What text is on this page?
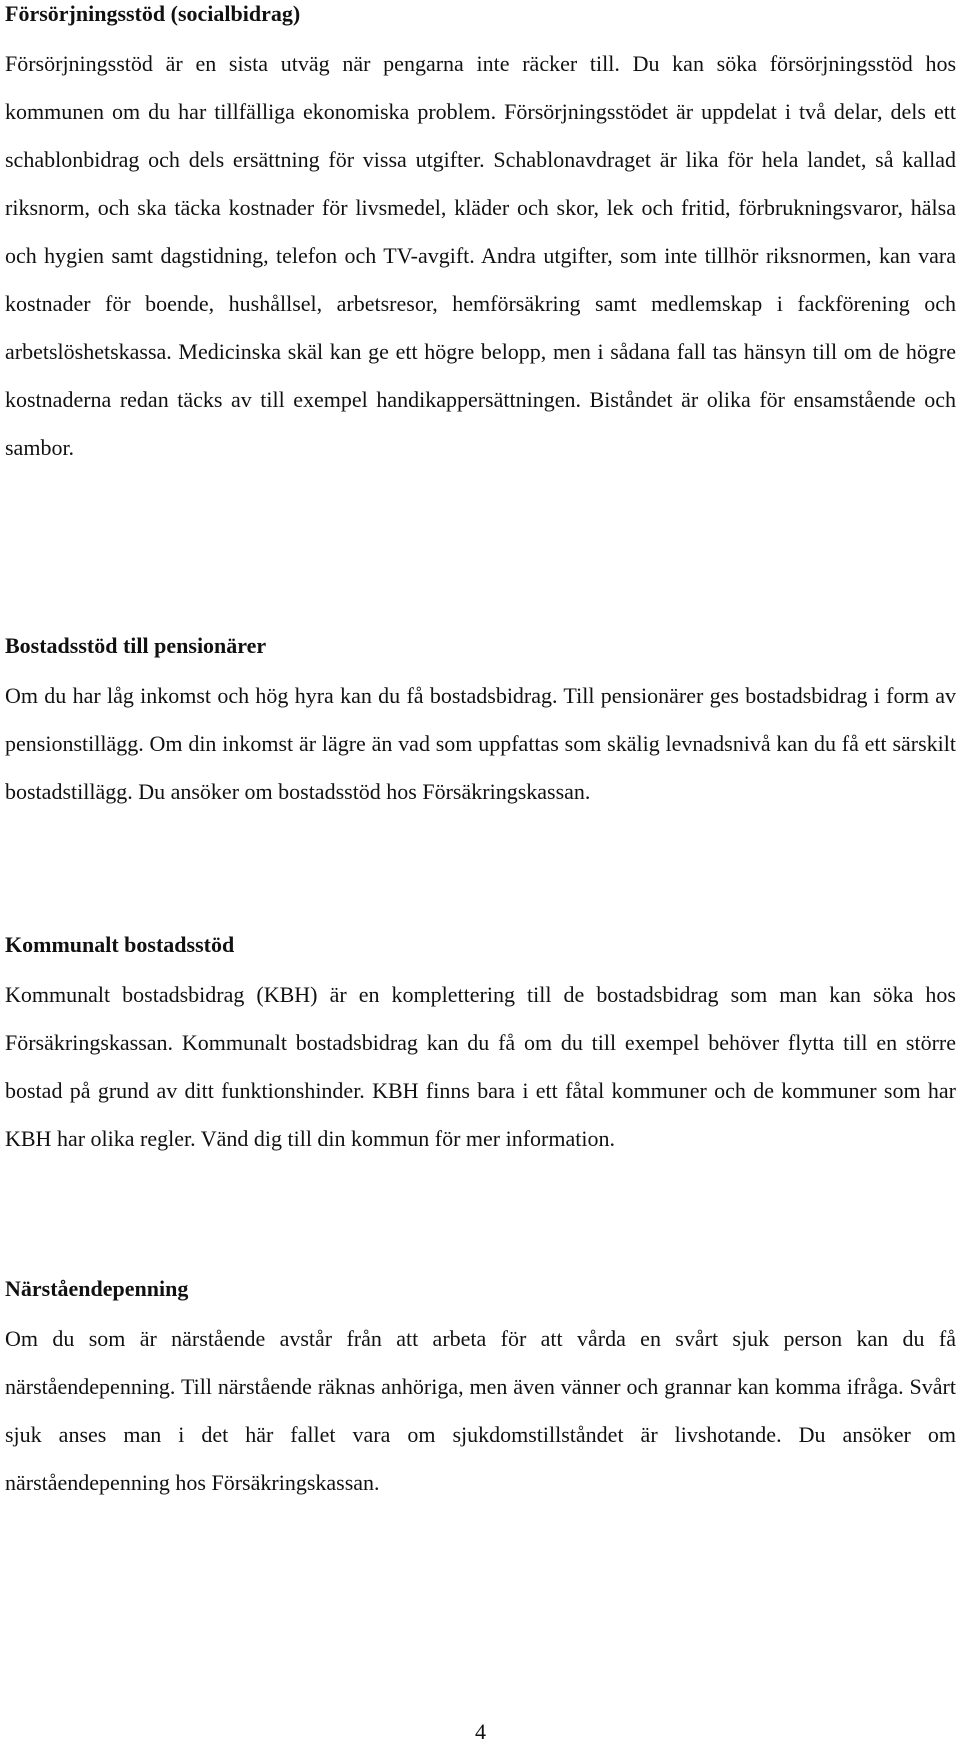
Försörjningsstöd (socialbidrag)

Försörjningsstöd är en sista utväg när pengarna inte räcker till. Du kan söka försörjningsstöd hos kommunen om du har tillfälliga ekonomiska problem. Försörjningsstödet är uppdelat i två delar, dels ett schablonbidrag och dels ersättning för vissa utgifter. Schablonavdraget är lika för hela landet, så kallad riksnorm, och ska täcka kostnader för livsmedel, kläder och skor, lek och fritid, förbrukningsvaror, hälsa och hygien samt dagstidning, telefon och TV-avgift. Andra utgifter, som inte tillhör riksnormen, kan vara kostnader för boende, hushållsel, arbetsresor, hemförsäkring samt medlemskap i fackförening och arbetslöshetskassa. Medicinska skäl kan ge ett högre belopp, men i sådana fall tas hänsyn till om de högre kostnaderna redan täcks av till exempel handikappersättningen. Biståndet är olika för ensamstående och sambor.

Bostadsstöd till pensionärer

Om du har låg inkomst och hög hyra kan du få bostadsbidrag. Till pensionärer ges bostadsbidrag i form av pensionstillägg. Om din inkomst är lägre än vad som uppfattas som skälig levnadsnivå kan du få ett särskilt bostadstillägg. Du ansöker om bostadsstöd hos Försäkringskassan.

Kommunalt bostadsstöd

Kommunalt bostadsbidrag (KBH) är en komplettering till de bostadsbidrag som man kan söka hos Försäkringskassan. Kommunalt bostadsbidrag kan du få om du till exempel behöver flytta till en större bostad på grund av ditt funktionshinder. KBH finns bara i ett fåtal kommuner och de kommuner som har KBH har olika regler. Vänd dig till din kommun för mer information.

Närståendepenning

Om du som är närstående avstår från att arbeta för att vårda en svårt sjuk person kan du få närståendepenning. Till närstående räknas anhöriga, men även vänner och grannar kan komma ifråga. Svårt sjuk anses man i det här fallet vara om sjukdomstillståndet är livshotande. Du ansöker om närståendepenning hos Försäkringskassan.

4
